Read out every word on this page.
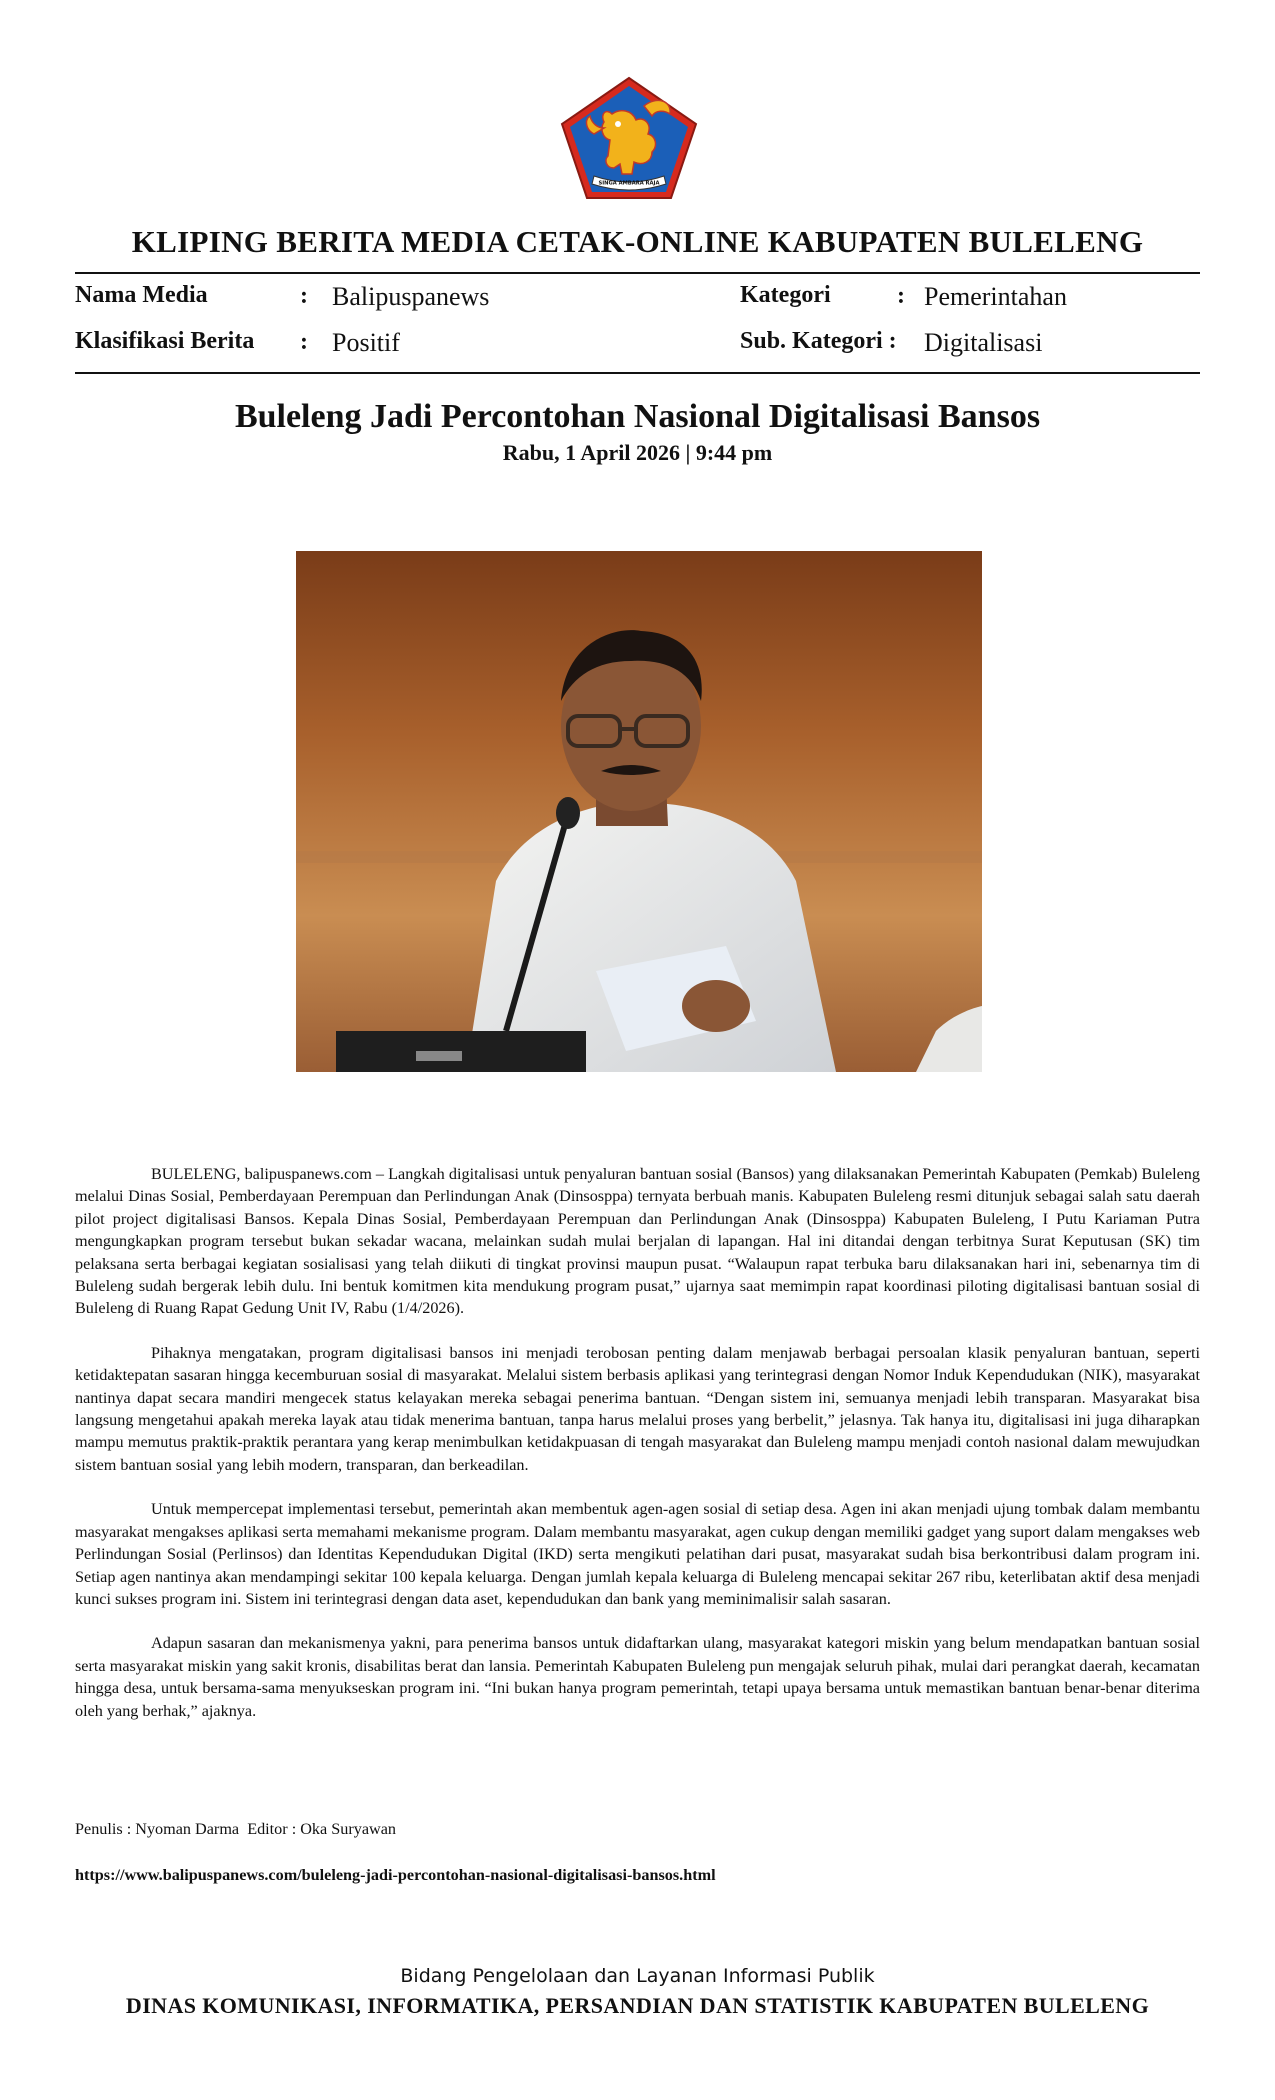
SINGA AMBARA RAJA
KLIPING BERITA MEDIA CETAK-ONLINE KABUPATEN BULELENG
Nama Media	: Balipuspanews	Kategori	: Pemerintahan
Klasifikasi Berita : Positif	Sub. Kategori : Digitalisasi
Buleleng Jadi Percontohan Nasional Digitalisasi Bansos
Rabu, 1 April 2026 | 9:44 pm

BULELENG, balipuspanews.com – Langkah digitalisasi untuk penyaluran bantuan sosial (Bansos) yang dilaksanakan Pemerintah Kabupaten (Pemkab) Buleleng melalui Dinas Sosial, Pemberdayaan Perempuan dan Perlindungan Anak (Dinsosppa) ternyata berbuah manis. Kabupaten Buleleng resmi ditunjuk sebagai salah satu daerah pilot project digitalisasi Bansos. Kepala Dinas Sosial, Pemberdayaan Perempuan dan Perlindungan Anak (Dinsosppa) Kabupaten Buleleng, I Putu Kariaman Putra mengungkapkan program tersebut bukan sekadar wacana, melainkan sudah mulai berjalan di lapangan. Hal ini ditandai dengan terbitnya Surat Keputusan (SK) tim pelaksana serta berbagai kegiatan sosialisasi yang telah diikuti di tingkat provinsi maupun pusat. “Walaupun rapat terbuka baru dilaksanakan hari ini, sebenarnya tim di Buleleng sudah bergerak lebih dulu. Ini bentuk komitmen kita mendukung program pusat,” ujarnya saat memimpin rapat koordinasi piloting digitalisasi bantuan sosial di Buleleng di Ruang Rapat Gedung Unit IV, Rabu (1/4/2026).

Pihaknya mengatakan, program digitalisasi bansos ini menjadi terobosan penting dalam menjawab berbagai persoalan klasik penyaluran bantuan, seperti ketidaktepatan sasaran hingga kecemburuan sosial di masyarakat. Melalui sistem berbasis aplikasi yang terintegrasi dengan Nomor Induk Kependudukan (NIK), masyarakat nantinya dapat secara mandiri mengecek status kelayakan mereka sebagai penerima bantuan. “Dengan sistem ini, semuanya menjadi lebih transparan. Masyarakat bisa langsung mengetahui apakah mereka layak atau tidak menerima bantuan, tanpa harus melalui proses yang berbelit,” jelasnya. Tak hanya itu, digitalisasi ini juga diharapkan mampu memutus praktik-praktik perantara yang kerap menimbulkan ketidakpuasan di tengah masyarakat dan Buleleng mampu menjadi contoh nasional dalam mewujudkan sistem bantuan sosial yang lebih modern, transparan, dan berkeadilan.

Untuk mempercepat implementasi tersebut, pemerintah akan membentuk agen-agen sosial di setiap desa. Agen ini akan menjadi ujung tombak dalam membantu masyarakat mengakses aplikasi serta memahami mekanisme program. Dalam membantu masyarakat, agen cukup dengan memiliki gadget yang suport dalam mengakses web Perlindungan Sosial (Perlinsos) dan Identitas Kependudukan Digital (IKD) serta mengikuti pelatihan dari pusat, masyarakat sudah bisa berkontribusi dalam program ini. Setiap agen nantinya akan mendampingi sekitar 100 kepala keluarga. Dengan jumlah kepala keluarga di Buleleng mencapai sekitar 267 ribu, keterlibatan aktif desa menjadi kunci sukses program ini. Sistem ini terintegrasi dengan data aset, kependudukan dan bank yang meminimalisir salah sasaran.

Adapun sasaran dan mekanismenya yakni, para penerima bansos untuk didaftarkan ulang, masyarakat kategori miskin yang belum mendapatkan bantuan sosial serta masyarakat miskin yang sakit kronis, disabilitas berat dan lansia. Pemerintah Kabupaten Buleleng pun mengajak seluruh pihak, mulai dari perangkat daerah, kecamatan hingga desa, untuk bersama-sama menyukseskan program ini. “Ini bukan hanya program pemerintah, tetapi upaya bersama untuk memastikan bantuan benar-benar diterima oleh yang berhak,” ajaknya.

Penulis : Nyoman Darma  Editor : Oka Suryawan
https://www.balipuspanews.com/buleleng-jadi-percontohan-nasional-digitalisasi-bansos.html
Bidang Pengelolaan dan Layanan Informasi Publik
DINAS KOMUNIKASI, INFORMATIKA, PERSANDIAN DAN STATISTIK KABUPATEN BULELENG
